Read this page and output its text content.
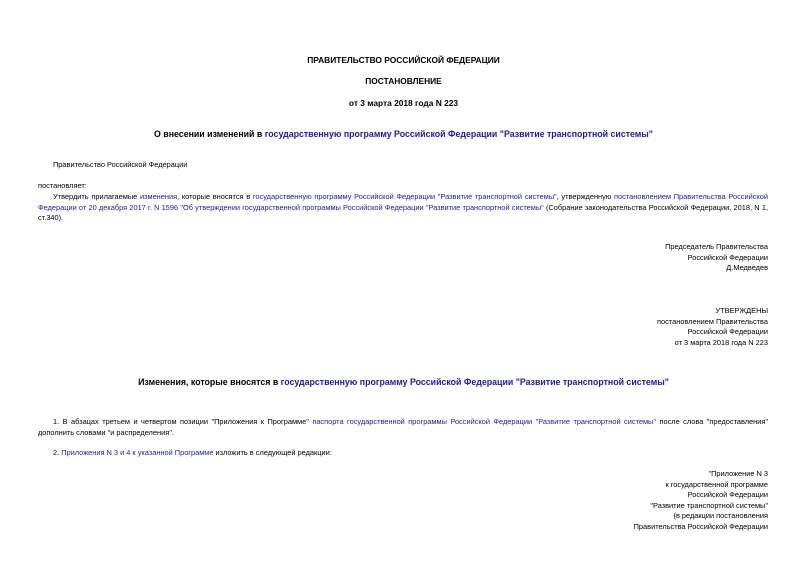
ПРАВИТЕЛЬСТВО РОССИЙСКОЙ ФЕДЕРАЦИИ
ПОСТАНОВЛЕНИЕ
от 3 марта 2018 года N 223
О внесении изменений в государственную программу Российской Федерации "Развитие транспортной системы"
Правительство Российской Федерации
постановляет:
Утвердить прилагаемые изменения, которые вносятся в государственную программу Российской Федерации "Развитие транспортной системы", утвержденную постановлением Правительства Российской Федерации от 20 декабря 2017 г. N 1596 "Об утверждении государственной программы Российской Федерации "Развитие транспортной системы" (Собрание законодательства Российской Федерации, 2018, N 1, ст.340).
Председатель Правительства
Российской Федерации
Д.Медведев
УТВЕРЖДЕНЫ
постановлением Правительства
Российской Федерации
от 3 марта 2018 года N 223
Изменения, которые вносятся в государственную программу Российской Федерации "Развитие транспортной системы"
1. В абзацах третьем и четвертом позиции "Приложения к Программе" паспорта государственной программы Российской Федерации "Развитие транспортной системы" после слова "предоставления" дополнить словами "и распределения".
2. Приложения N 3 и 4 к указанной Программе изложить в следующей редакции:
"Приложение N 3
к государственной программе
Российской Федерации
"Развитие транспортной системы"
(в редакции постановления
Правительства Российской Федерации
